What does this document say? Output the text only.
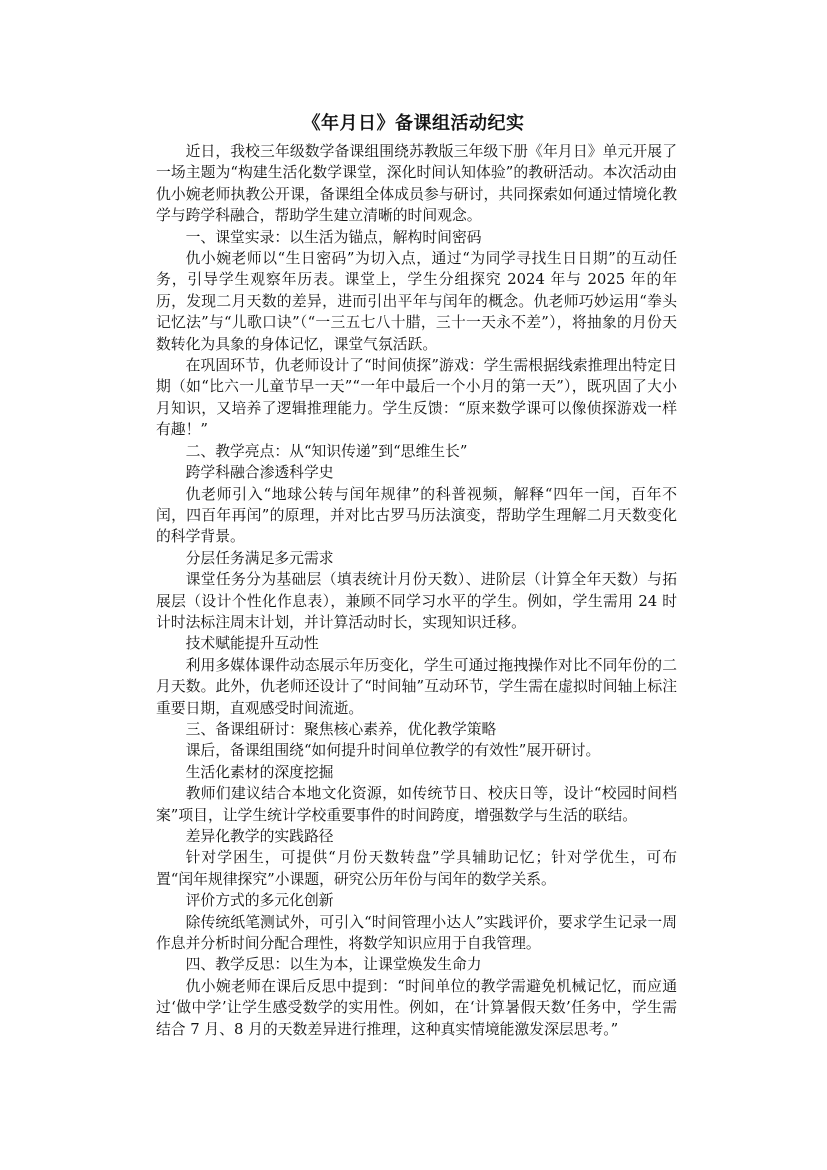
《年月日》备课组活动纪实

近日，我校三年级数学备课组围绕苏教版三年级下册《年月日》单元开展了一场主题为“构建生活化数学课堂，深化时间认知体验”的教研活动。本次活动由仇小婉老师执教公开课，备课组全体成员参与研讨，共同探索如何通过情境化教学与跨学科融合，帮助学生建立清晰的时间观念。

一、课堂实录：以生活为锚点，解构时间密码

仇小婉老师以“生日密码”为切入点，通过“为同学寻找生日日期”的互动任务，引导学生观察年历表。课堂上，学生分组探究 2024 年与 2025 年的年历，发现二月天数的差异，进而引出平年与闰年的概念。仇老师巧妙运用“拳头记忆法”与“儿歌口诀”（“一三五七八十腊，三十一天永不差”），将抽象的月份天数转化为具象的身体记忆，课堂气氛活跃。

在巩固环节，仇老师设计了“时间侦探”游戏：学生需根据线索推理出特定日期（如“比六一儿童节早一天”“一年中最后一个小月的第一天”），既巩固了大小月知识，又培养了逻辑推理能力。学生反馈：“原来数学课可以像侦探游戏一样有趣！”

二、教学亮点：从“知识传递”到“思维生长”

跨学科融合渗透科学史

仇老师引入“地球公转与闰年规律”的科普视频，解释“四年一闰，百年不闰，四百年再闰”的原理，并对比古罗马历法演变，帮助学生理解二月天数变化的科学背景。

分层任务满足多元需求

课堂任务分为基础层（填表统计月份天数）、进阶层（计算全年天数）与拓展层（设计个性化作息表），兼顾不同学习水平的学生。例如，学生需用 24 时计时法标注周末计划，并计算活动时长，实现知识迁移。

技术赋能提升互动性

利用多媒体课件动态展示年历变化，学生可通过拖拽操作对比不同年份的二月天数。此外，仇老师还设计了“时间轴”互动环节，学生需在虚拟时间轴上标注重要日期，直观感受时间流逝。

三、备课组研讨：聚焦核心素养，优化教学策略

课后，备课组围绕“如何提升时间单位教学的有效性”展开研讨。

生活化素材的深度挖掘

教师们建议结合本地文化资源，如传统节日、校庆日等，设计“校园时间档案”项目，让学生统计学校重要事件的时间跨度，增强数学与生活的联结。

差异化教学的实践路径

针对学困生，可提供“月份天数转盘”学具辅助记忆；针对学优生，可布置“闰年规律探究”小课题，研究公历年份与闰年的数学关系。

评价方式的多元化创新

除传统纸笔测试外，可引入“时间管理小达人”实践评价，要求学生记录一周作息并分析时间分配合理性，将数学知识应用于自我管理。

四、教学反思：以生为本，让课堂焕发生命力

仇小婉老师在课后反思中提到：“时间单位的教学需避免机械记忆，而应通过‘做中学’让学生感受数学的实用性。例如，在‘计算暑假天数’任务中，学生需结合 7 月、8 月的天数差异进行推理，这种真实情境能激发深层思考。”
